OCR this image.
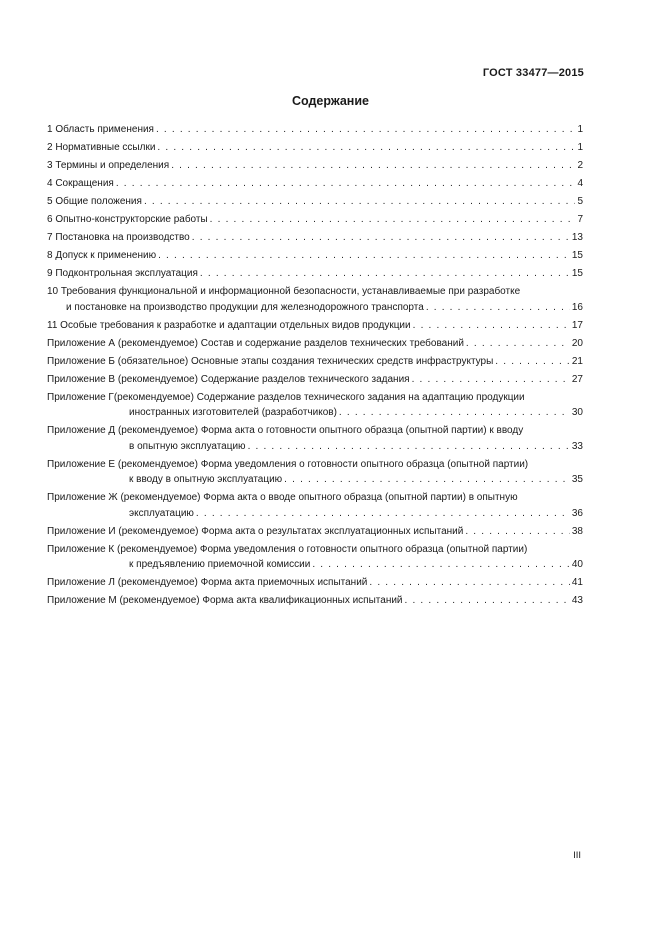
ГОСТ 33477—2015
Содержание
1 Область применения . . .	1
2 Нормативные ссылки . . .	1
3 Термины и определения . . .	2
4 Сокращения . . .	4
5 Общие положения . . .	5
6 Опытно-конструкторские работы . . .	7
7 Постановка на производство . . .	13
8 Допуск к применению . . .	15
9 Подконтрольная эксплуатация . . .	15
10 Требования функциональной и информационной безопасности, устанавливаемые при разработке
и постановке на производство продукции для железнодорожного транспорта . . .	16
11 Особые требования к разработке и адаптации отдельных видов продукции . . .	17
Приложение А (рекомендуемое) Состав и содержание разделов технических требований . . .	20
Приложение Б (обязательное) Основные этапы создания технических средств инфраструктуры . . .	21
Приложение В (рекомендуемое) Содержание разделов технического задания . . .	27
Приложение Г(рекомендуемое) Содержание разделов технического задания на адаптацию продукции
иностранных изготовителей (разработчиков) . . .	30
Приложение Д (рекомендуемое) Форма акта о готовности опытного образца (опытной партии) к вводу
в опытную эксплуатацию . . .	33
Приложение Е (рекомендуемое) Форма уведомления о готовности опытного образца (опытной партии)
к вводу в опытную эксплуатацию . . .	35
Приложение Ж (рекомендуемое) Форма акта о вводе опытного образца (опытной партии) в опытную
эксплуатацию . . .	36
Приложение И (рекомендуемое) Форма акта о результатах эксплуатационных испытаний . . .	38
Приложение К (рекомендуемое) Форма уведомления о готовности опытного образца (опытной партии)
к предъявлению приемочной комиссии . . .	40
Приложение Л (рекомендуемое) Форма акта приемочных испытаний . . .	41
Приложение М (рекомендуемое) Форма акта квалификационных испытаний . . .	43
III
